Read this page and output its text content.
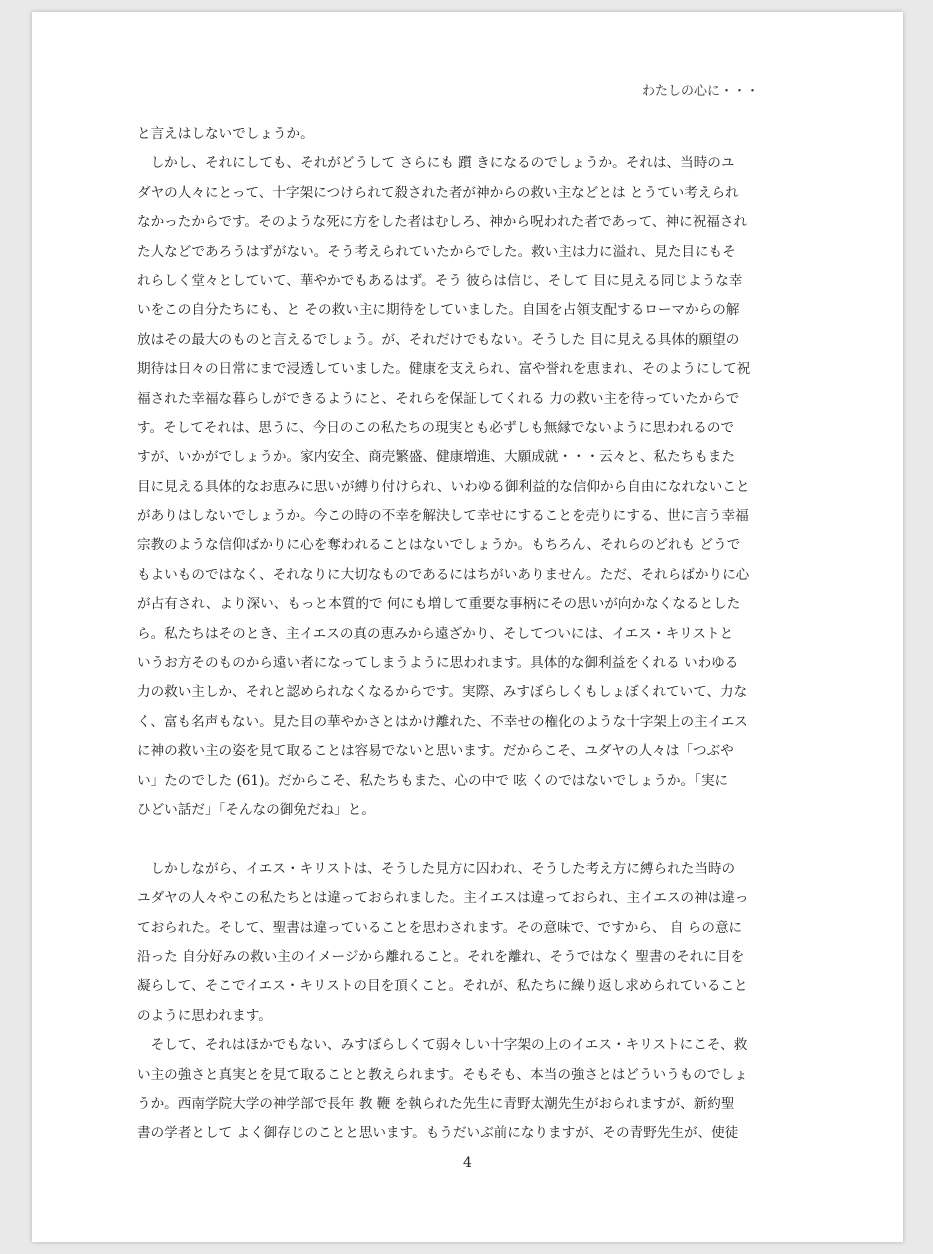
わたしの心に・・・
と言えはしないでしょうか。
　しかし、それにしても、それがどうして さらにも 躓 きになるのでしょうか。それは、当時のユ
ダヤの人々にとって、十字架につけられて殺された者が神からの救い主などとは とうてい考えられ
なかったからです。そのような死に方をした者はむしろ、神から呪われた者であって、神に祝福され
た人などであろうはずがない。そう考えられていたからでした。救い主は力に溢れ、見た目にもそ
れらしく堂々としていて、華やかでもあるはず。そう 彼らは信じ、そして 目に見える同じような幸
いをこの自分たちにも、と その救い主に期待をしていました。自国を占領支配するローマからの解
放はその最大のものと言えるでしょう。が、それだけでもない。そうした 目に見える具体的願望の
期待は日々の日常にまで浸透していました。健康を支えられ、富や誉れを恵まれ、そのようにして祝
福された幸福な暮らしができるようにと、それらを保証してくれる 力の救い主を待っていたからで
す。そしてそれは、思うに、今日のこの私たちの現実とも必ずしも無縁でないように思われるので
すが、いかがでしょうか。家内安全、商売繁盛、健康増進、大願成就・・・云々と、私たちもまた
目に見える具体的なお恵みに思いが縛り付けられ、いわゆる御利益的な信仰から自由になれないこと
がありはしないでしょうか。今この時の不幸を解決して幸せにすることを売りにする、世に言う幸福
宗教のような信仰ばかりに心を奪われることはないでしょうか。もちろん、それらのどれも どうで
もよいものではなく、それなりに大切なものであるにはちがいありません。ただ、それらばかりに心
が占有され、より深い、もっと本質的で 何にも増して重要な事柄にその思いが向かなくなるとした
ら。私たちはそのとき、主イエスの真の恵みから遠ざかり、そしてついには、イエス・キリストと
いうお方そのものから遠い者になってしまうように思われます。具体的な御利益をくれる いわゆる
力の救い主しか、それと認められなくなるからです。実際、みすぼらしくもしょぼくれていて、力な
く、富も名声もない。見た目の華やかさとはかけ離れた、不幸せの権化のような十字架上の主イエス
に神の救い主の姿を見て取ることは容易でないと思います。だからこそ、ユダヤの人々は「つぶや
い」たのでした (61)。だからこそ、私たちもまた、心の中で 呟 くのではないでしょうか。「実に
ひどい話だ」「そんなの御免だね」と。
　しかしながら、イエス・キリストは、そうした見方に囚われ、そうした考え方に縛られた当時の
ユダヤの人々やこの私たちとは違っておられました。主イエスは違っておられ、主イエスの神は違っ
ておられた。そして、聖書は違っていることを思わされます。その意味で、ですから、 自 らの意に
沿った 自分好みの救い主のイメージから離れること。それを離れ、そうではなく 聖書のそれに目を
凝らして、そこでイエス・キリストの目を頂くこと。それが、私たちに繰り返し求められていること
のように思われます。
　そして、それはほかでもない、みすぼらしくて弱々しい十字架の上のイエス・キリストにこそ、救
い主の強さと真実とを見て取ることと教えられます。そもそも、本当の強さとはどういうものでしょ
うか。西南学院大学の神学部で長年 教 鞭 を執られた先生に青野太潮先生がおられますが、新約聖
書の学者として よく御存じのことと思います。もうだいぶ前になりますが、その青野先生が、使徒
4
